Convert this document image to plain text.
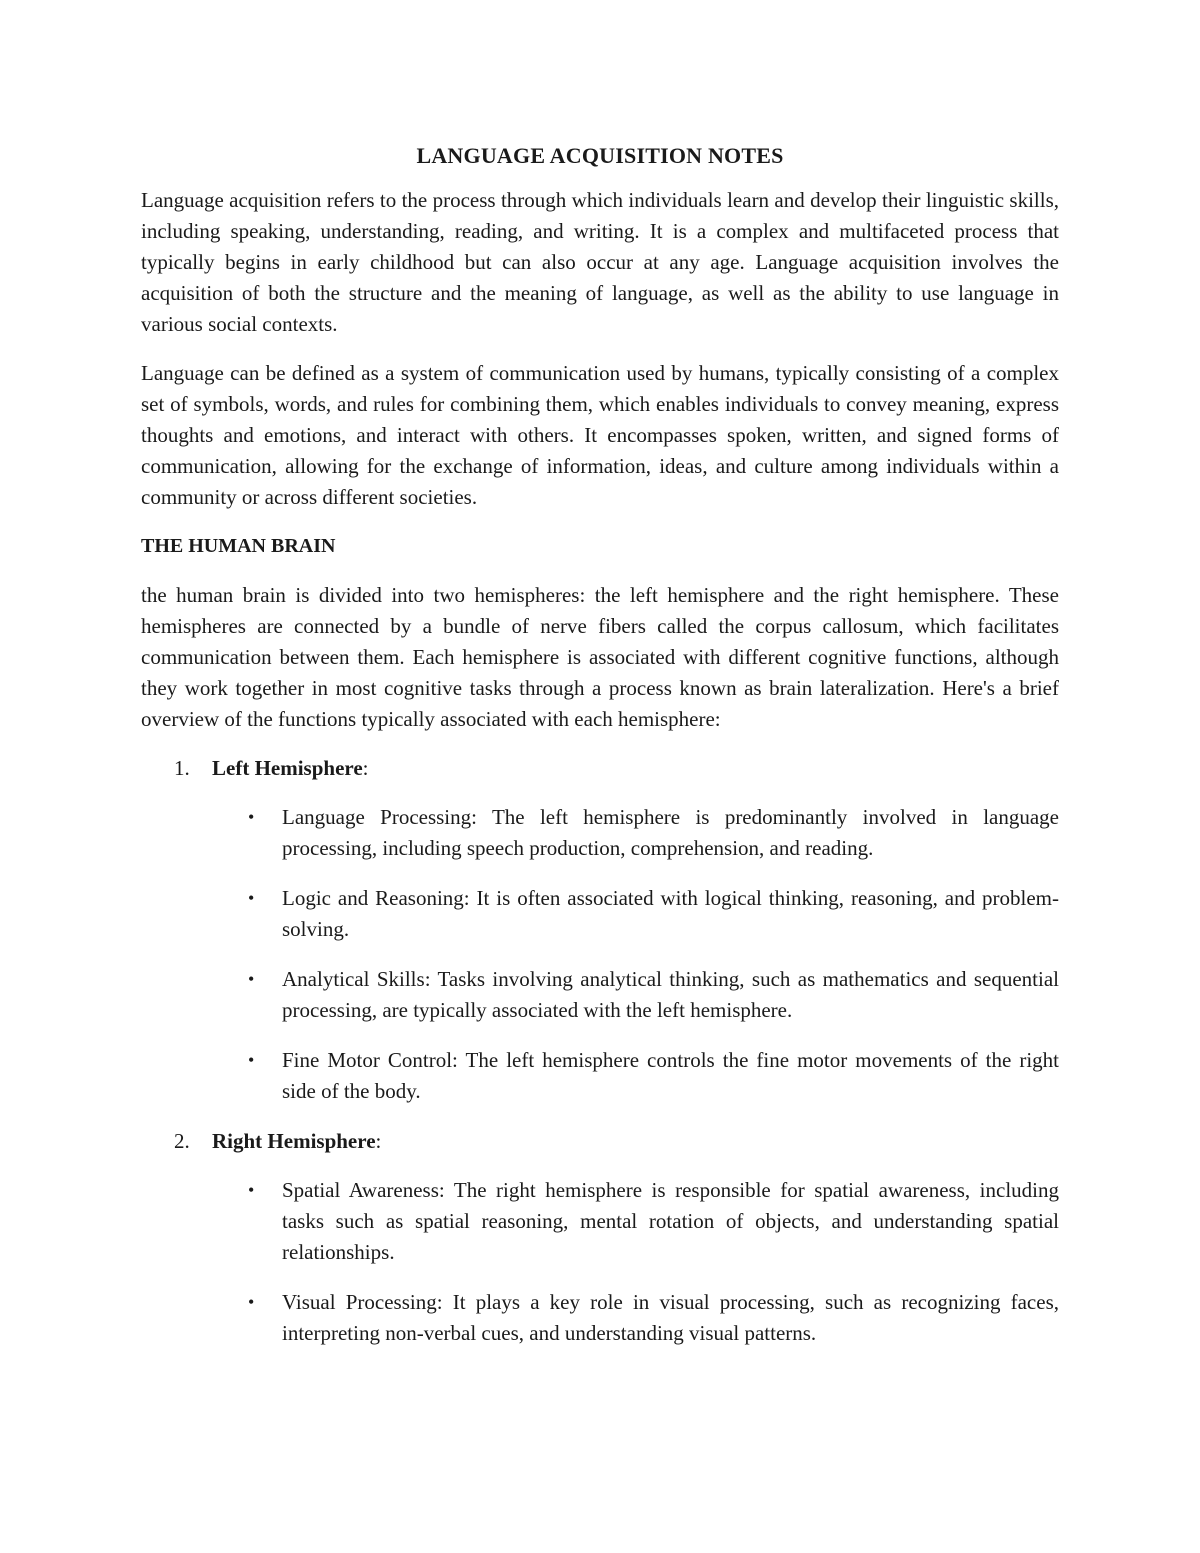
LANGUAGE ACQUISITION NOTES

Language acquisition refers to the process through which individuals learn and develop their linguistic skills, including speaking, understanding, reading, and writing. It is a complex and multifaceted process that typically begins in early childhood but can also occur at any age. Language acquisition involves the acquisition of both the structure and the meaning of language, as well as the ability to use language in various social contexts.

Language can be defined as a system of communication used by humans, typically consisting of a complex set of symbols, words, and rules for combining them, which enables individuals to convey meaning, express thoughts and emotions, and interact with others. It encompasses spoken, written, and signed forms of communication, allowing for the exchange of information, ideas, and culture among individuals within a community or across different societies.

THE HUMAN BRAIN

the human brain is divided into two hemispheres: the left hemisphere and the right hemisphere. These hemispheres are connected by a bundle of nerve fibers called the corpus callosum, which facilitates communication between them. Each hemisphere is associated with different cognitive functions, although they work together in most cognitive tasks through a process known as brain lateralization. Here's a brief overview of the functions typically associated with each hemisphere:

1. Left Hemisphere:
• Language Processing: The left hemisphere is predominantly involved in language processing, including speech production, comprehension, and reading.
• Logic and Reasoning: It is often associated with logical thinking, reasoning, and problem-solving.
• Analytical Skills: Tasks involving analytical thinking, such as mathematics and sequential processing, are typically associated with the left hemisphere.
• Fine Motor Control: The left hemisphere controls the fine motor movements of the right side of the body.
2. Right Hemisphere:
• Spatial Awareness: The right hemisphere is responsible for spatial awareness, including tasks such as spatial reasoning, mental rotation of objects, and understanding spatial relationships.
• Visual Processing: It plays a key role in visual processing, such as recognizing faces, interpreting non-verbal cues, and understanding visual patterns.
